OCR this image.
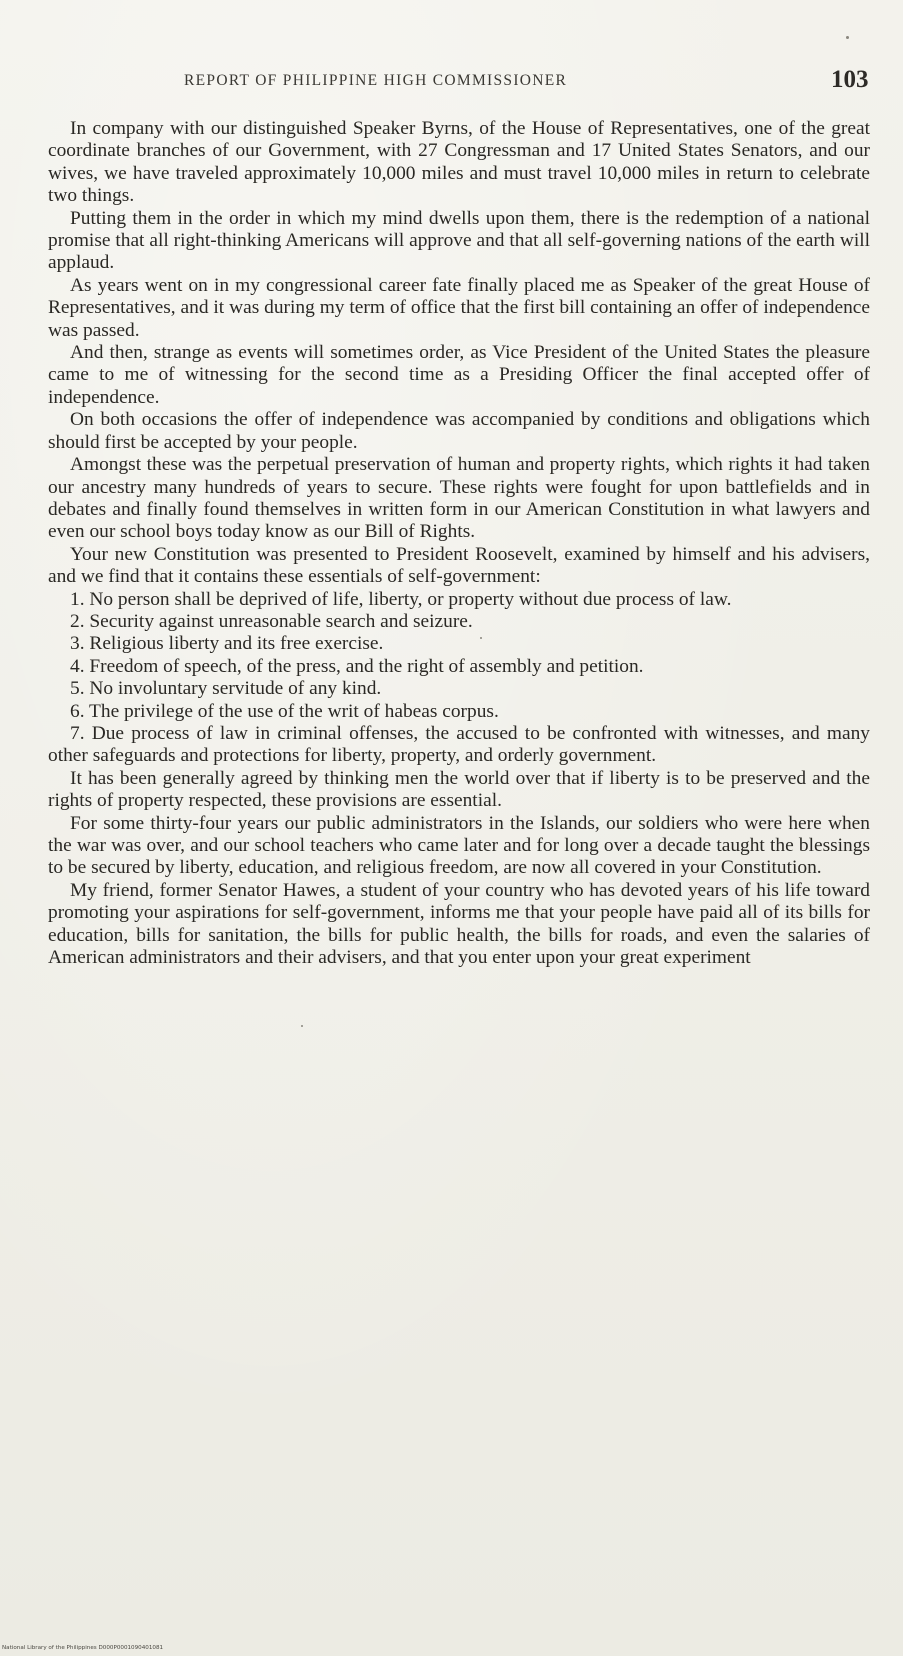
REPORT OF PHILIPPINE HIGH COMMISSIONER	103

In company with our distinguished Speaker Byrns, of the House of Representatives, one of the great coordinate branches of our Government, with 27 Congressman and 17 United States Senators, and our wives, we have traveled approximately 10,000 miles and must travel 10,000 miles in return to celebrate two things.

Putting them in the order in which my mind dwells upon them, there is the redemption of a national promise that all right-thinking Americans will approve and that all self-governing nations of the earth will applaud.

As years went on in my congressional career fate finally placed me as Speaker of the great House of Representatives, and it was during my term of office that the first bill containing an offer of independence was passed.

And then, strange as events will sometimes order, as Vice President of the United States the pleasure came to me of witnessing for the second time as a Presiding Officer the final accepted offer of independence.

On both occasions the offer of independence was accompanied by conditions and obligations which should first be accepted by your people.

Amongst these was the perpetual preservation of human and property rights, which rights it had taken our ancestry many hundreds of years to secure. These rights were fought for upon battlefields and in debates and finally found themselves in written form in our American Constitution in what lawyers and even our school boys today know as our Bill of Rights.

Your new Constitution was presented to President Roosevelt, examined by himself and his advisers, and we find that it contains these essentials of self-government:

1. No person shall be deprived of life, liberty, or property without due process of law.

2. Security against unreasonable search and seizure.

3. Religious liberty and its free exercise.

4. Freedom of speech, of the press, and the right of assembly and petition.

5. No involuntary servitude of any kind.

6. The privilege of the use of the writ of habeas corpus.

7. Due process of law in criminal offenses, the accused to be confronted with witnesses, and many other safeguards and protections for liberty, property, and orderly government.

It has been generally agreed by thinking men the world over that if liberty is to be preserved and the rights of property respected, these provisions are essential.

For some thirty-four years our public administrators in the Islands, our soldiers who were here when the war was over, and our school teachers who came later and for long over a decade taught the blessings to be secured by liberty, education, and religious freedom, are now all covered in your Constitution.

My friend, former Senator Hawes, a student of your country who has devoted years of his life toward promoting your aspirations for self-government, informs me that your people have paid all of its bills for education, bills for sanitation, the bills for public health, the bills for roads, and even the salaries of American administrators and their advisers, and that you enter upon your great experiment

National Library of the Philippines D000P0001090401081
